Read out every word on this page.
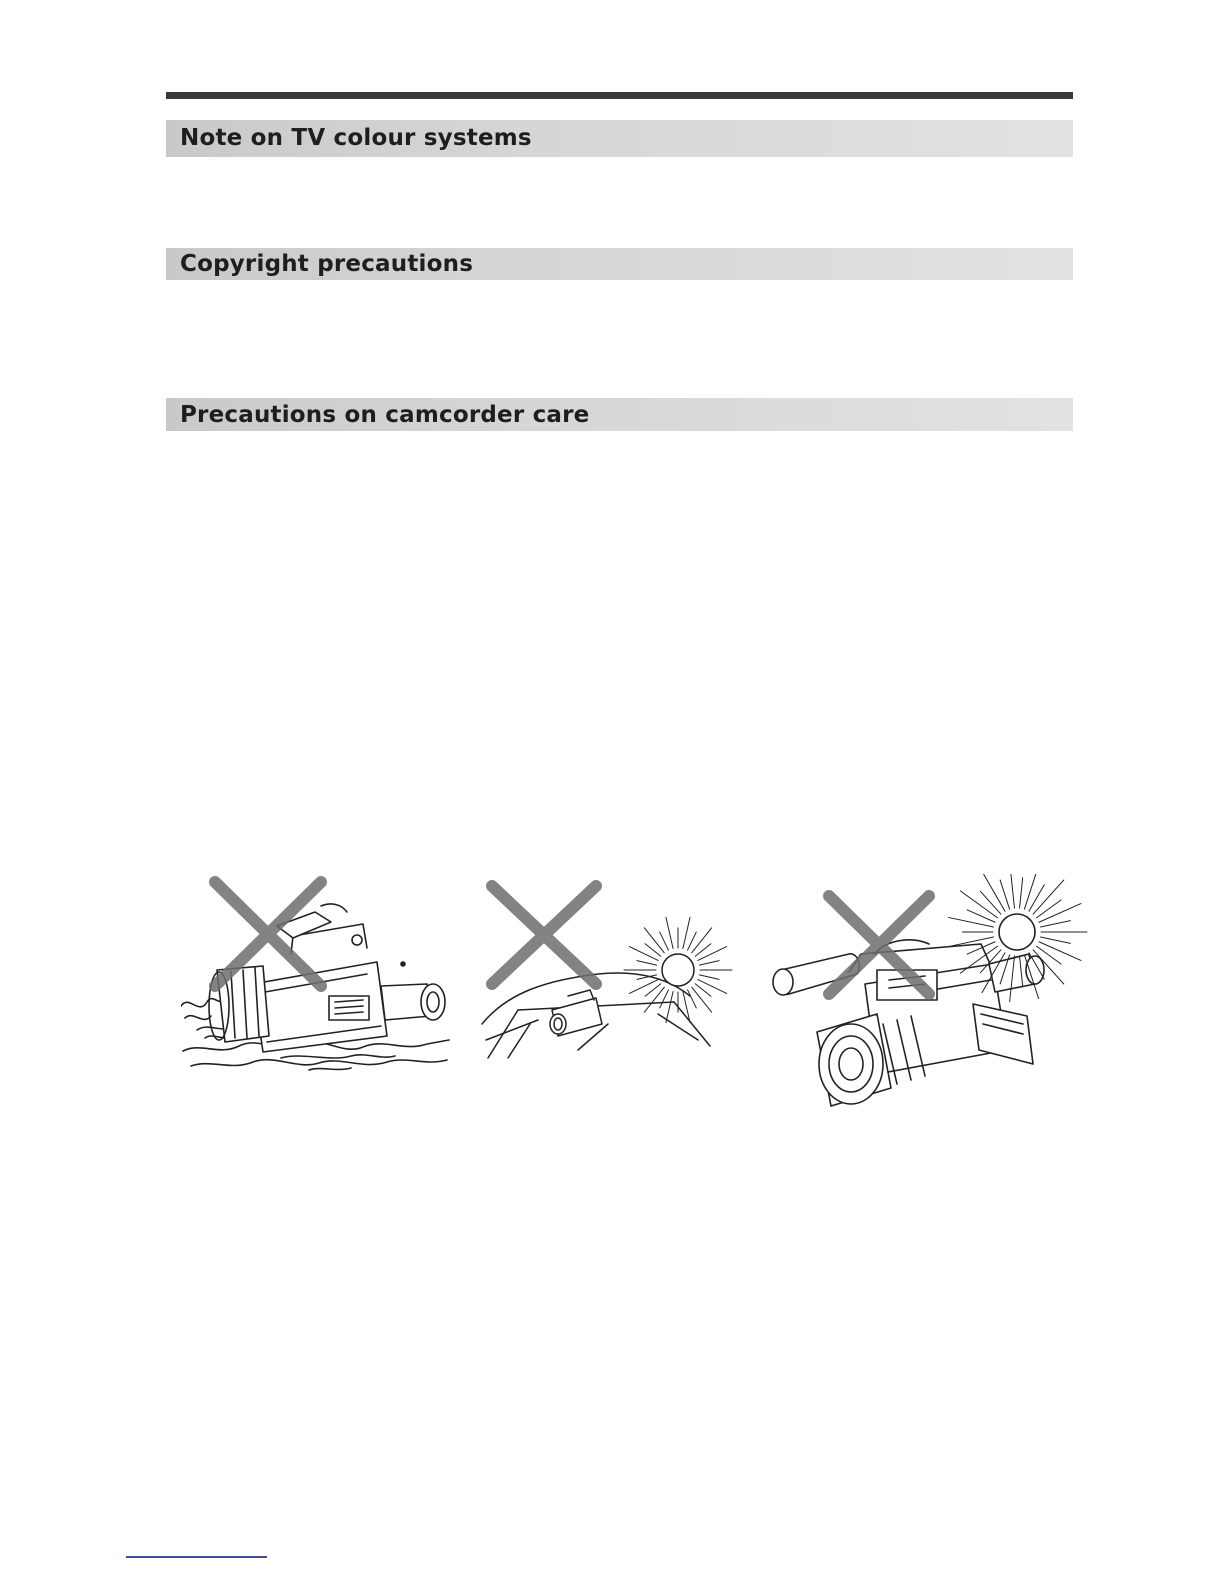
Note on TV colour systems
Copyright precautions
Precautions on camcorder care
